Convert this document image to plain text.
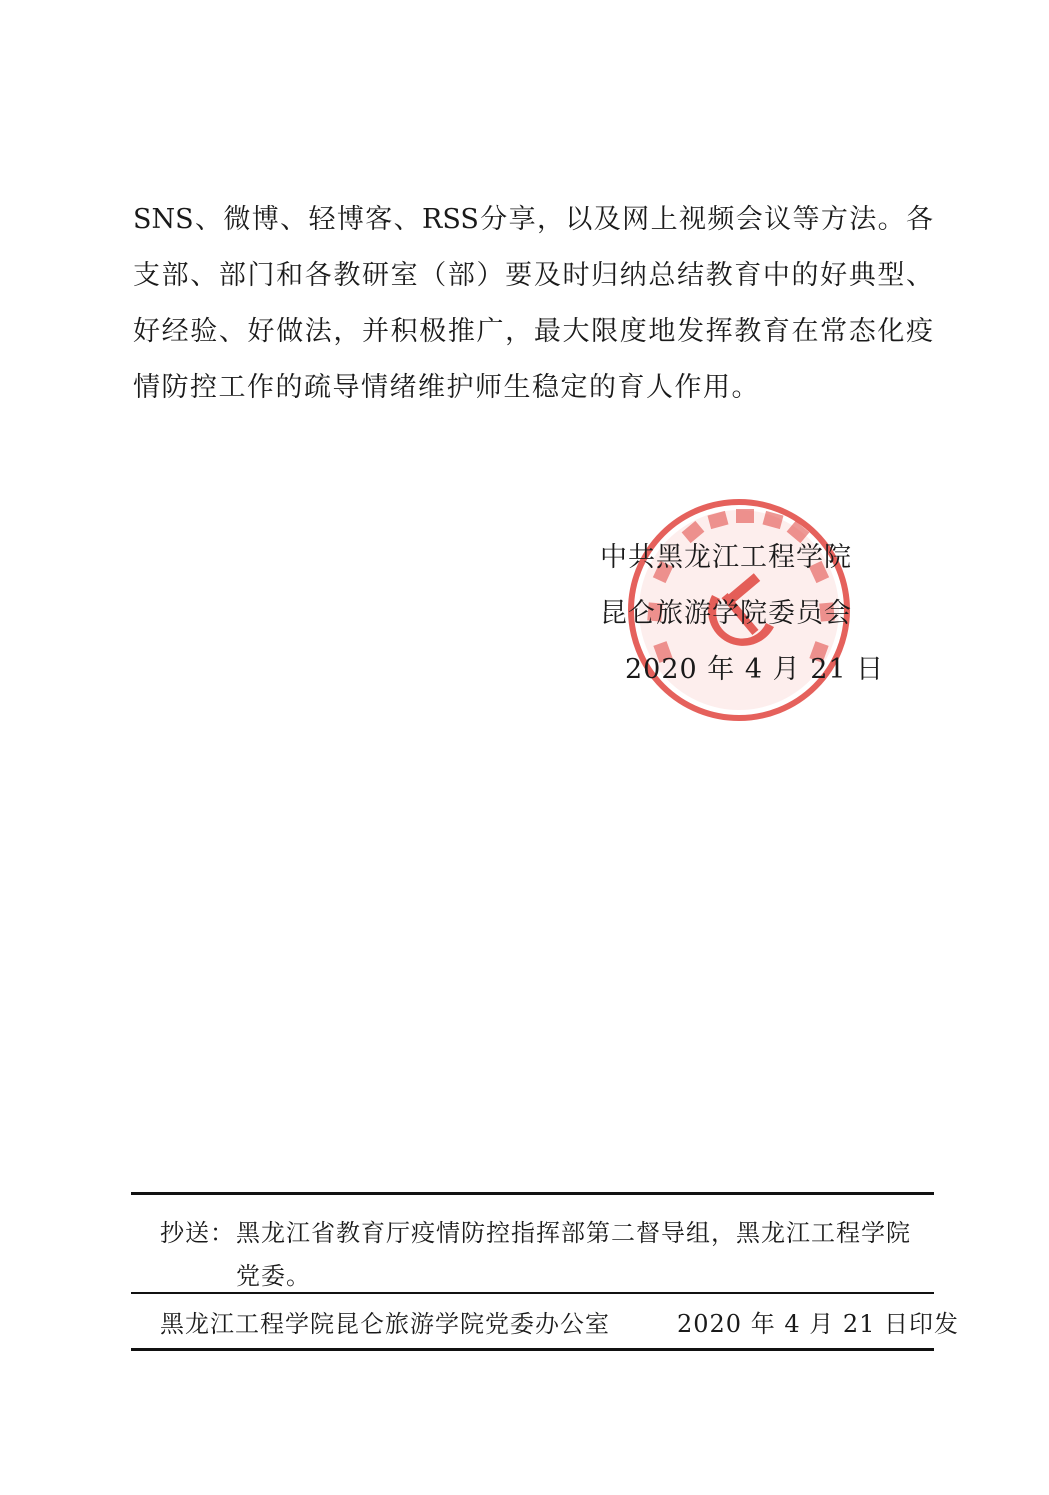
SNS、微博、轻博客、RSS分享，以及网上视频会议等方法。各
支部、部门和各教研室（部）要及时归纳总结教育中的好典型、
好经验、好做法，并积极推广，最大限度地发挥教育在常态化疫
情防控工作的疏导情绪维护师生稳定的育人作用。
中共黑龙江工程学院
昆仑旅游学院委员会
2020 年 4 月 21 日
抄送： 黑龙江省教育厅疫情防控指挥部第二督导组，黑龙江工程学院
党委。
黑龙江工程学院昆仑旅游学院党委办公室	2020 年 4 月 21 日印发
